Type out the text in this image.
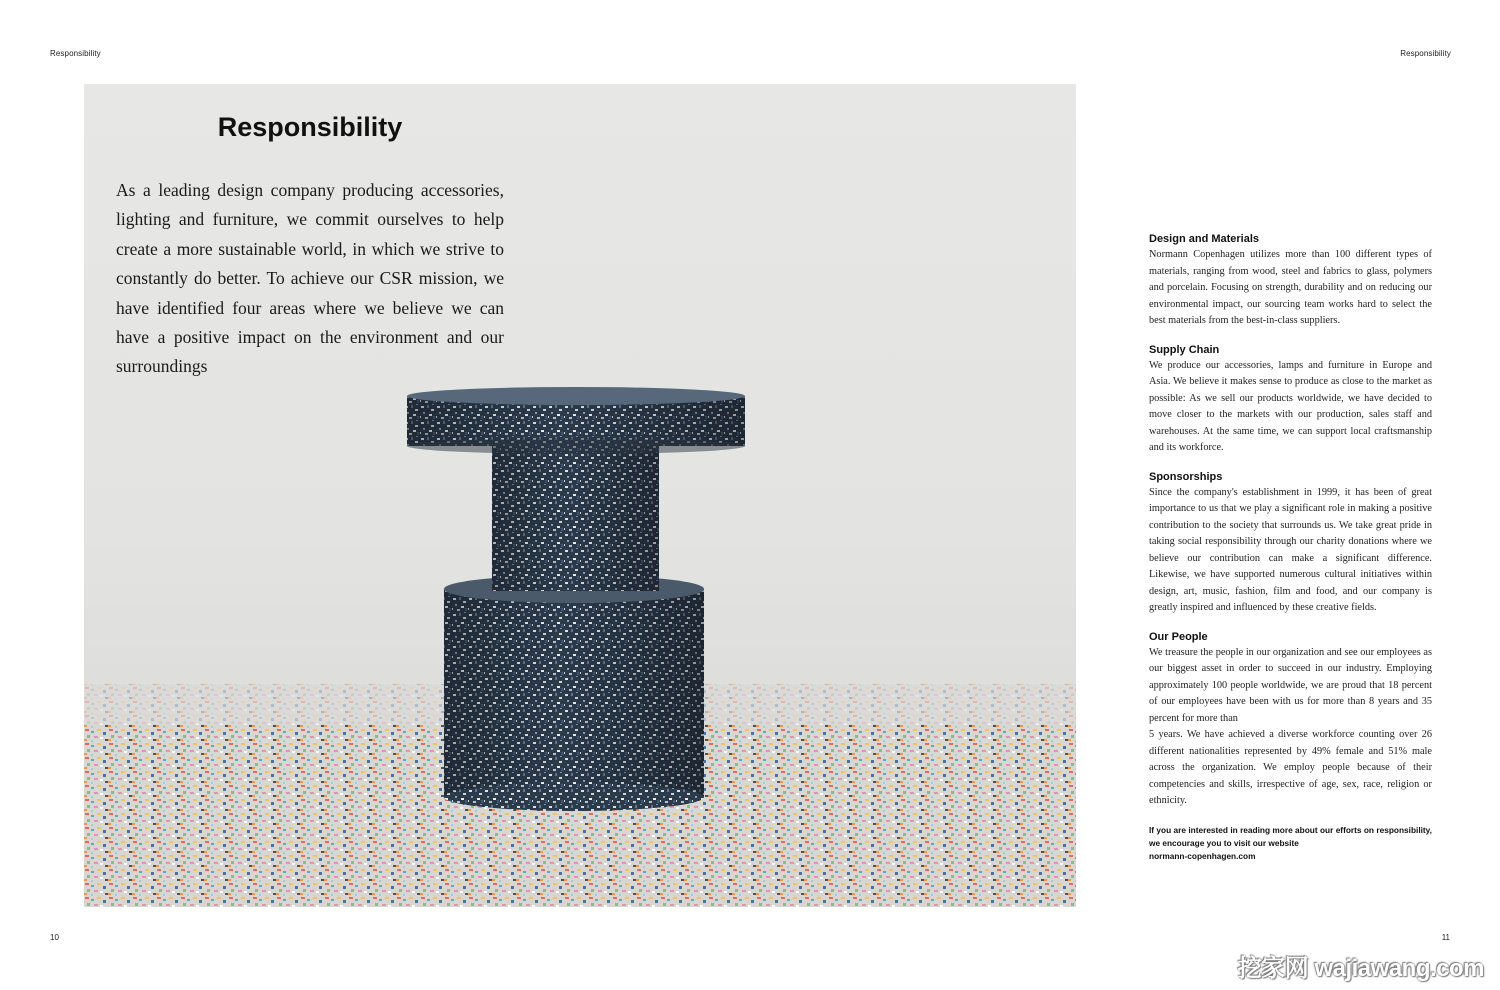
Responsibility	Responsibility
Responsibility

As a leading design company producing accessories, lighting and furniture, we commit ourselves to help create a more sustainable world, in which we strive to constantly do better. To achieve our CSR mission, we have identified four areas where we believe we can have a positive impact on the environment and our surroundings

Design and Materials

Normann Copenhagen utilizes more than 100 different types of materials, ranging from wood, steel and fabrics to glass, polymers and porcelain. Focusing on strength, durability and on reducing our environmental impact, our sourcing team works hard to select the best materials from the best-in-class suppliers.

Supply Chain

We produce our accessories, lamps and furniture in Europe and Asia. We believe it makes sense to produce as close to the market as possible: As we sell our products worldwide, we have decided to move closer to the markets with our production, sales staff and warehouses. At the same time, we can support local craftsmanship and its workforce.

Sponsorships

Since the company's establishment in 1999, it has been of great importance to us that we play a significant role in making a positive contribution to the society that surrounds us. We take great pride in taking social responsibility through our charity donations where we believe our contribution can make a significant difference. Likewise, we have supported numerous cultural initiatives within design, art, music, fashion, film and food, and our company is greatly inspired and influenced by these creative fields.

Our People

We treasure the people in our organization and see our employees as our biggest asset in order to succeed in our industry. Employing approximately 100 people worldwide, we are proud that 18 percent of our employees have been with us for more than 8 years and 35 percent for more than
5 years. We have achieved a diverse workforce counting over 26 different nationalities represented by 49% female and 51% male across the organization. We employ people because of their competencies and skills, irrespective of age, sex, race, religion or ethnicity.

If you are interested in reading more about our efforts on responsibility, we encourage you to visit our website
normann-copenhagen.com

10	11
挖家网 wajiawang.com
